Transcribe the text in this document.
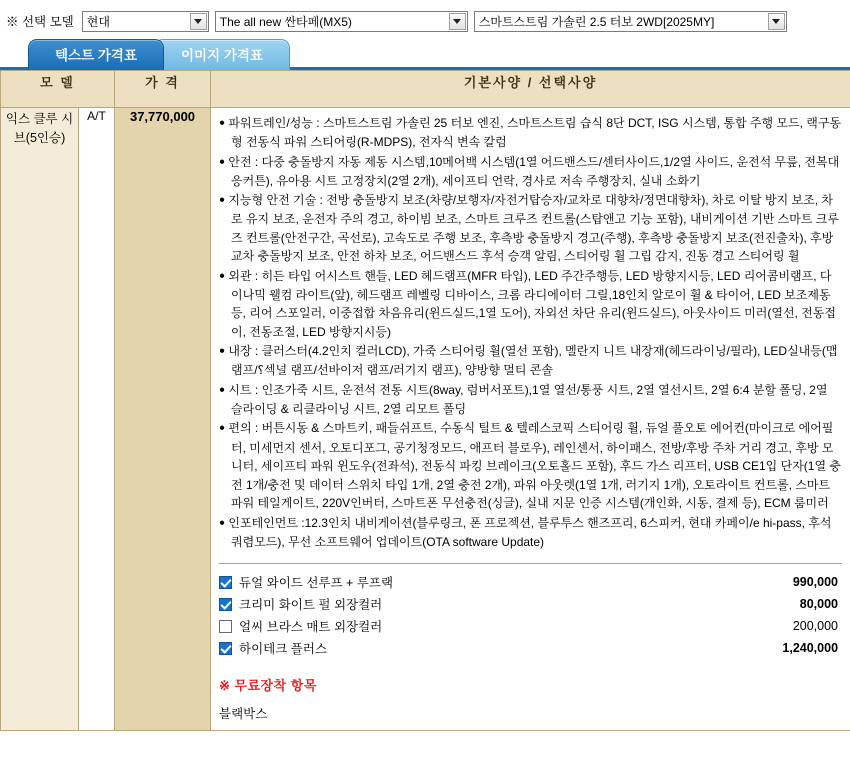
※ 선택 모델 현대	The all new 싼타페(MX5)	스마트스트림 가솔린 2.5 터보 2WD[2025MY]
텍스트 가격표	이미지 가격표
모 델		가 격	기본사양 / 선택사양
익스 클루 시브(5인승)	A/T	37,770,000	● 파워트레인/성능 : 스마트스트림 가솔린 25 터보 엔진, 스마트스트림 습식 8단 DCT, ISG 시스템, 통합 주행 모드, 랙구동형 전동식 파워 스티어링(R-MDPS), 전자식 변속 칼럼
● 안전 : 다중 충돌방지 자동 제동 시스템,10메어백 시스템(1열 어드밴스드/센터사이드,1/2열 사이드, 운전석 무릎, 전복대응커튼), 유아용 시트 고정장치(2열 2개), 세이프티 언락, 경사로 저속 주행장치, 실내 소화기
● 지능형 안전 기술 : 전방 충돌방지 보조(차량/보행자/자전거탑승자/교차로 대향차/정면대향차), 차로 이탈 방지 보조, 차로 유지 보조, 운전자 주의 경고, 하이빔 보조, 스마트 크루즈 컨트롤(스탑앤고 기능 포함), 내비게이션 기반 스마트 크루즈 컨트롤(안전구간, 곡선로), 고속도로 주행 보조, 후측방 충돌방지 경고(주행), 후측방 충돌방지 보조(전진출차), 후방 교차 충돌방지 보조, 안전 하차 보조, 어드밴스드 후석 승객 알림, 스티어링 휠 그립 감지, 진동 경고 스티어링 휠
● 외관 : 히든 타입 어시스트 핸들, LED 헤드램프(MFR 타입), LED 주간주행등, LED 방향지시등, LED 리어콤비램프, 다이나믹 웰컴 라이트(앞), 헤드램프 레벨링 디바이스, 크롬 라디에이터 그릴,18인치 알로이 휠 & 타이어, LED 보조제동등, 리어 스포일러, 이중접합 차음유리(윈드실드,1열 도어), 자외선 차단 유리(윈드실드), 아웃사이드 미러(열선, 전동접이, 전동조절, LED 방향지시등)
● 내장 : 클러스터(4.2인치 컬러LCD), 가죽 스티어링 휠(열선 포함), 멜란지 니트 내장재(헤드라이닝/필라), LED실내등(맵램프/؟섹널 램프/선바이저 램프/러기지 램프), 양방향 멀티 콘솔
● 시트 : 인조가죽 시트, 운전석 전동 시트(8way, 럼버서포트),1열 열선/통풍 시트, 2열 열선시트, 2열 6:4 분할 폴딩, 2열 슬라이딩 & 리클라이닝 시트, 2열 리모트 폴딩
● 편의 : 버튼시동 & 스마트키, 패들쉬프트, 수동식 틸트 & 텔레스코픽 스티어링 휠, 듀얼 풀오토 에어컨(마이크로 에어필터, 미세먼지 센서, 오토디포그, 공기청정모드, 애프터 블로우), 레인센서, 하이패스, 전방/후방 주차 거리 경고, 후방 모니터, 세이프티 파워 윈도우(전좌석), 전동식 파킹 브레이크(오토홀드 포함), 후드 가스 리프터, USB CE1입 단자(1열 충전 1개/충전 및 데이터 스위치 타입 1개, 2열 충전 2개), 파워 아웃렛(1열 1개, 러기지 1개), 오토라이트 컨트롤, 스마트 파워 테일게이트, 220V인버터, 스마트폰 무선충전(싱글), 실내 지문 인증 시스템(개인화, 시동, 결제 등), ECM 룸미러
● 인포테인먼트 :12.3인치 내비게이션(블루링크, 폰 프로젝션, 블루투스 핸즈프리, 6스피커, 현대 카페이/e hi-pass, 후석 쿼렴모드), 무선 소프트웨어 업데이트(OTA software Update)
듀얼 와이드 선루프 + 루프랙	990,000
크리미 화이트 펄 외장컬러	80,000
얼씨 브라스 매트 외장컬러	200,000
하이테크 플러스	1,240,000
※ 무료장착 항목
블랙박스
